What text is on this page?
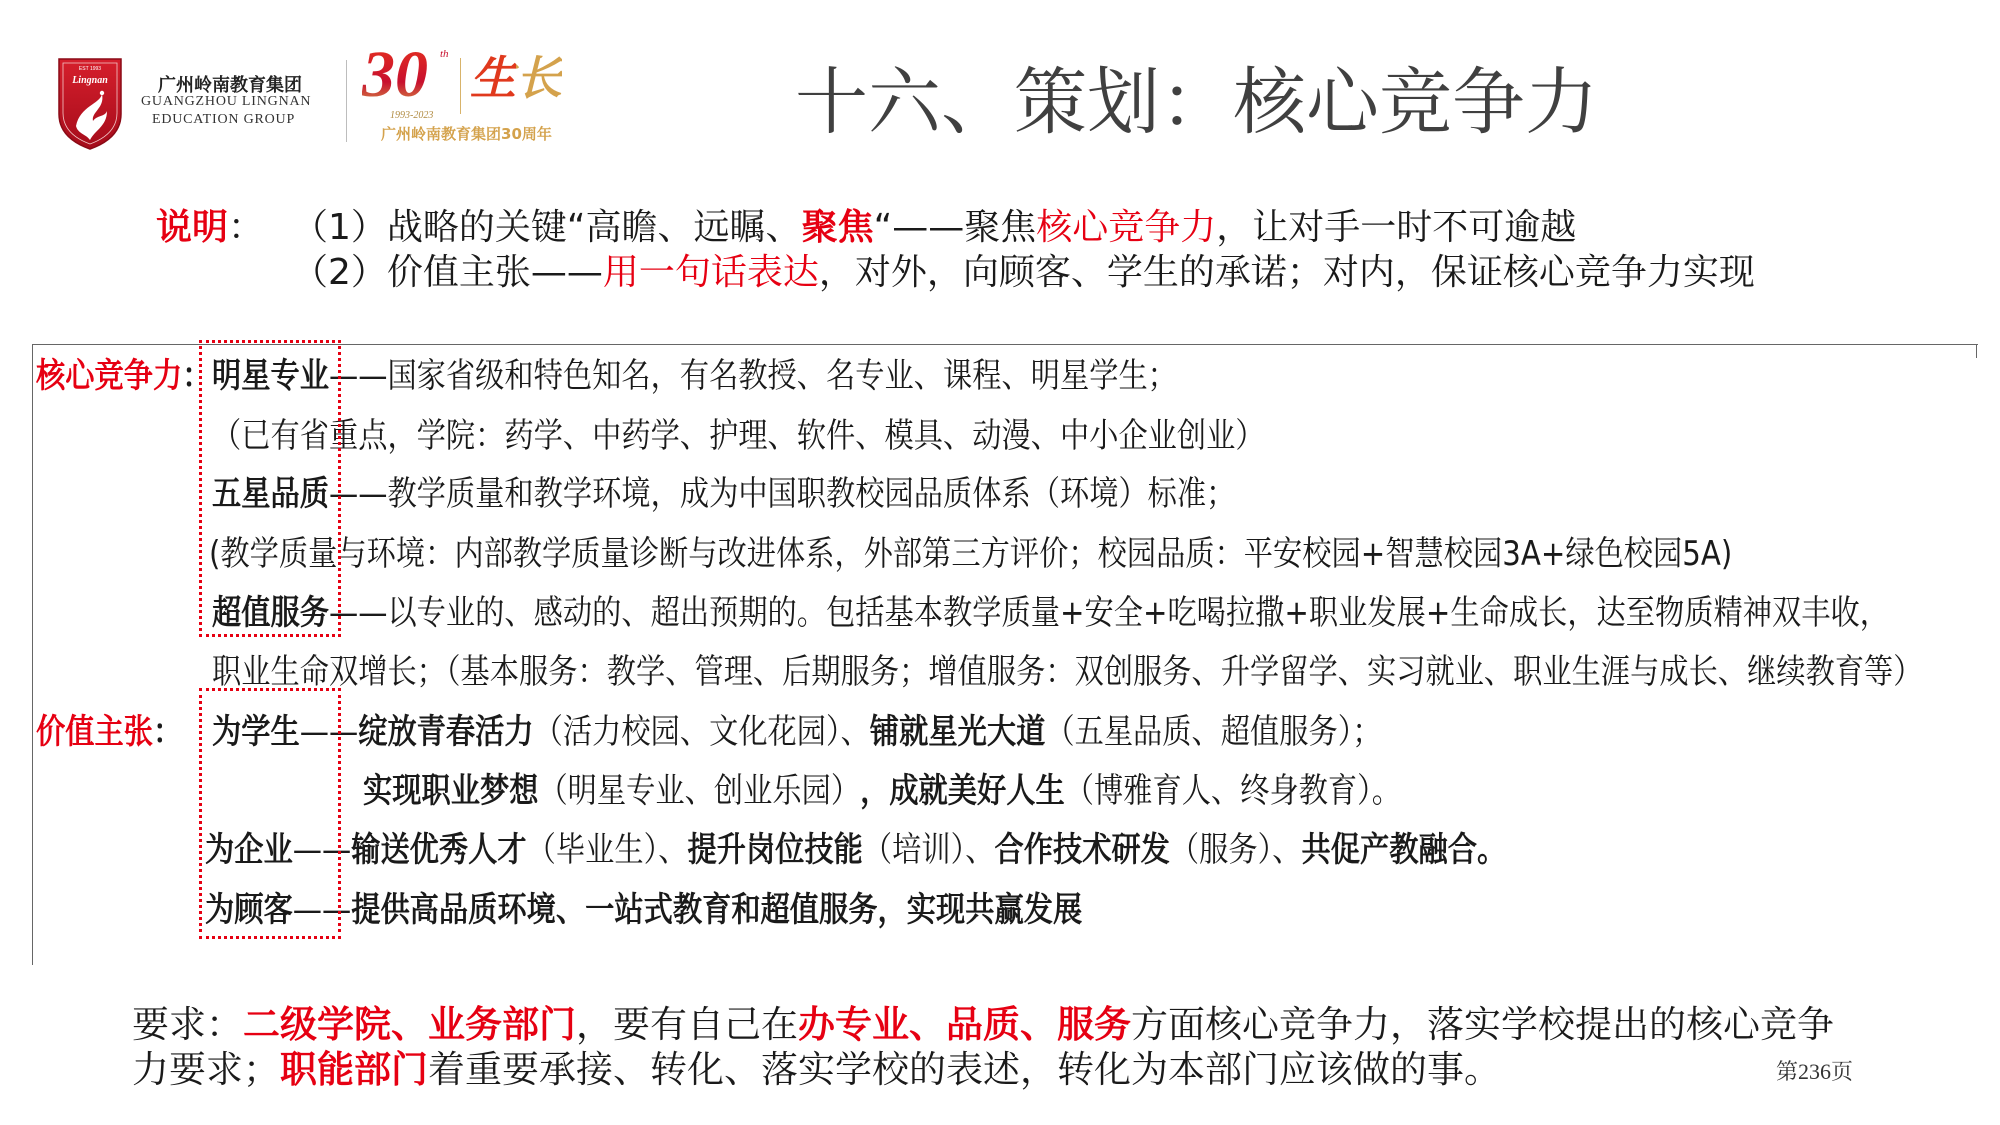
EST 1993
Lingnan	广州岭南教育集团
GUANGZHOU LINGNAN
EDUCATION GROUP
30 th
1993-2023
生长
广州岭南教育集团30周年	十六、策划：核心竞争力
说明 ： （1）战略的关键“高瞻、远瞩、 聚焦 “——聚焦 核心竞争力 ，让对手一时不可逾越
（2）价值主张—— 用一句话表达 ，对外，向顾客、学生的承诺；对内，保证核心竞争力实现
核心竞争力 ： 明星专业 ——国家省级和特色知名，有名教授、名专业、课程、明星学生；
（已有省重点，学院：药学、中药学、护理、软件、模具、动漫、中小企业创业）
五星品质 ——教学质量和教学环境，成为中国职教校园品质体系（环境）标准；
(教学质量与环境：内部教学质量诊断与改进体系，外部第三方评价；校园品质：平安校园+智慧校园3A+绿色校园5A)
超值服务 ——以专业的、感动的、超出预期的。包括基本教学质量+安全+吃喝拉撒+职业发展+生命成长，达至物质精神双丰收，
职业生命双增长；（基本服务：教学、管理、后期服务；增值服务：双创服务、升学留学、实习就业、职业生涯与成长、继续教育等）
价值主张 ： 为学生 —— 绽放青春活力 （活力校园、文化花园）、 铺就星光大道 （五星品质、超值服务）；
实现职业梦想 （明星专业、创业乐园） ，成就美好人生 （博雅育人、终身教育）。
为企业 —— 输送优秀人才 （毕业生）、 提升岗位技能 （培训）、 合作技术研发 （服务）、 共促产教融合。
为顾客 —— 提供高品质环境、一站式教育和超值服务，实现共赢发展
要求： 二级学院、业务部门 ，要有自己在 办专业、品质、服务 方面核心竞争力，落实学校提出的核心竞争
力要求； 职能部门 着重要承接、转化、落实学校的表述，转化为本部门应该做的事。	第236页
